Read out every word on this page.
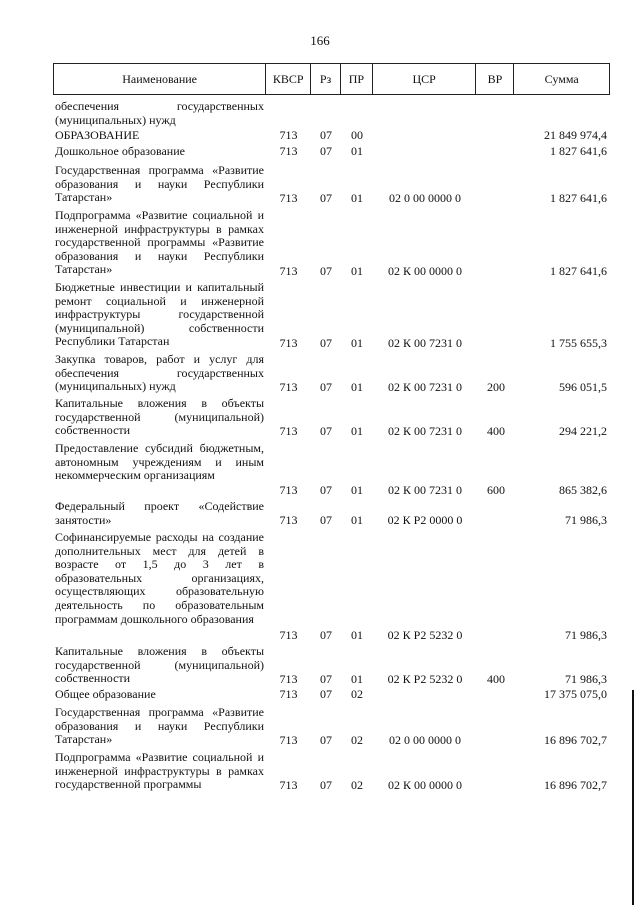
166
Наименование	КВСР	Рз	ПР	ЦСР	ВР	Сумма
обеспечения государственных (муниципальных) нужд
ОБРАЗОВАНИЕ	713	07	00	21 849 974,4
Дошкольное образование	713	07	01	1 827 641,6
Государственная программа «Развитие образования и науки Республики Татарстан»	713	07	01	02 0 00 0000 0	1 827 641,6
Подпрограмма «Развитие социальной и инженерной инфраструктуры в рамках государственной программы «Развитие образования и науки Республики Татарстан»	713	07	01	02 К 00 0000 0	1 827 641,6
Бюджетные инвестиции и капитальный ремонт социальной и инженерной инфраструктуры государственной (муниципальной) собственности Республики Татарстан	713	07	01	02 К 00 7231 0	1 755 655,3
Закупка товаров, работ и услуг для обеспечения государственных (муниципальных) нужд	713	07	01	02 К 00 7231 0	200	596 051,5
Капитальные вложения в объекты государственной (муниципальной) собственности	713	07	01	02 К 00 7231 0	400	294 221,2
Предоставление субсидий бюджетным, автономным учреждениям и иным некоммерческим организациям
713	07	01	02 К 00 7231 0	600	865 382,6
Федеральный проект «Содействие занятости»	713	07	01	02 К Р2 0000 0	71 986,3
Софинансируемые расходы на создание дополнительных мест для детей в возрасте от 1,5 до 3 лет в образовательных организациях, осуществляющих образовательную деятельность по образовательным программам дошкольного образования
713	07	01	02 К Р2 5232 0	71 986,3
Капитальные вложения в объекты государственной (муниципальной) собственности	713	07	01	02 К Р2 5232 0	400	71 986,3
Общее образование	713	07	02	17 375 075,0
Государственная программа «Развитие образования и науки Республики Татарстан»	713	07	02	02 0 00 0000 0	16 896 702,7
Подпрограмма «Развитие социальной и инженерной инфраструктуры в рамках государственной программы	713	07	02	02 К 00 0000 0	16 896 702,7
